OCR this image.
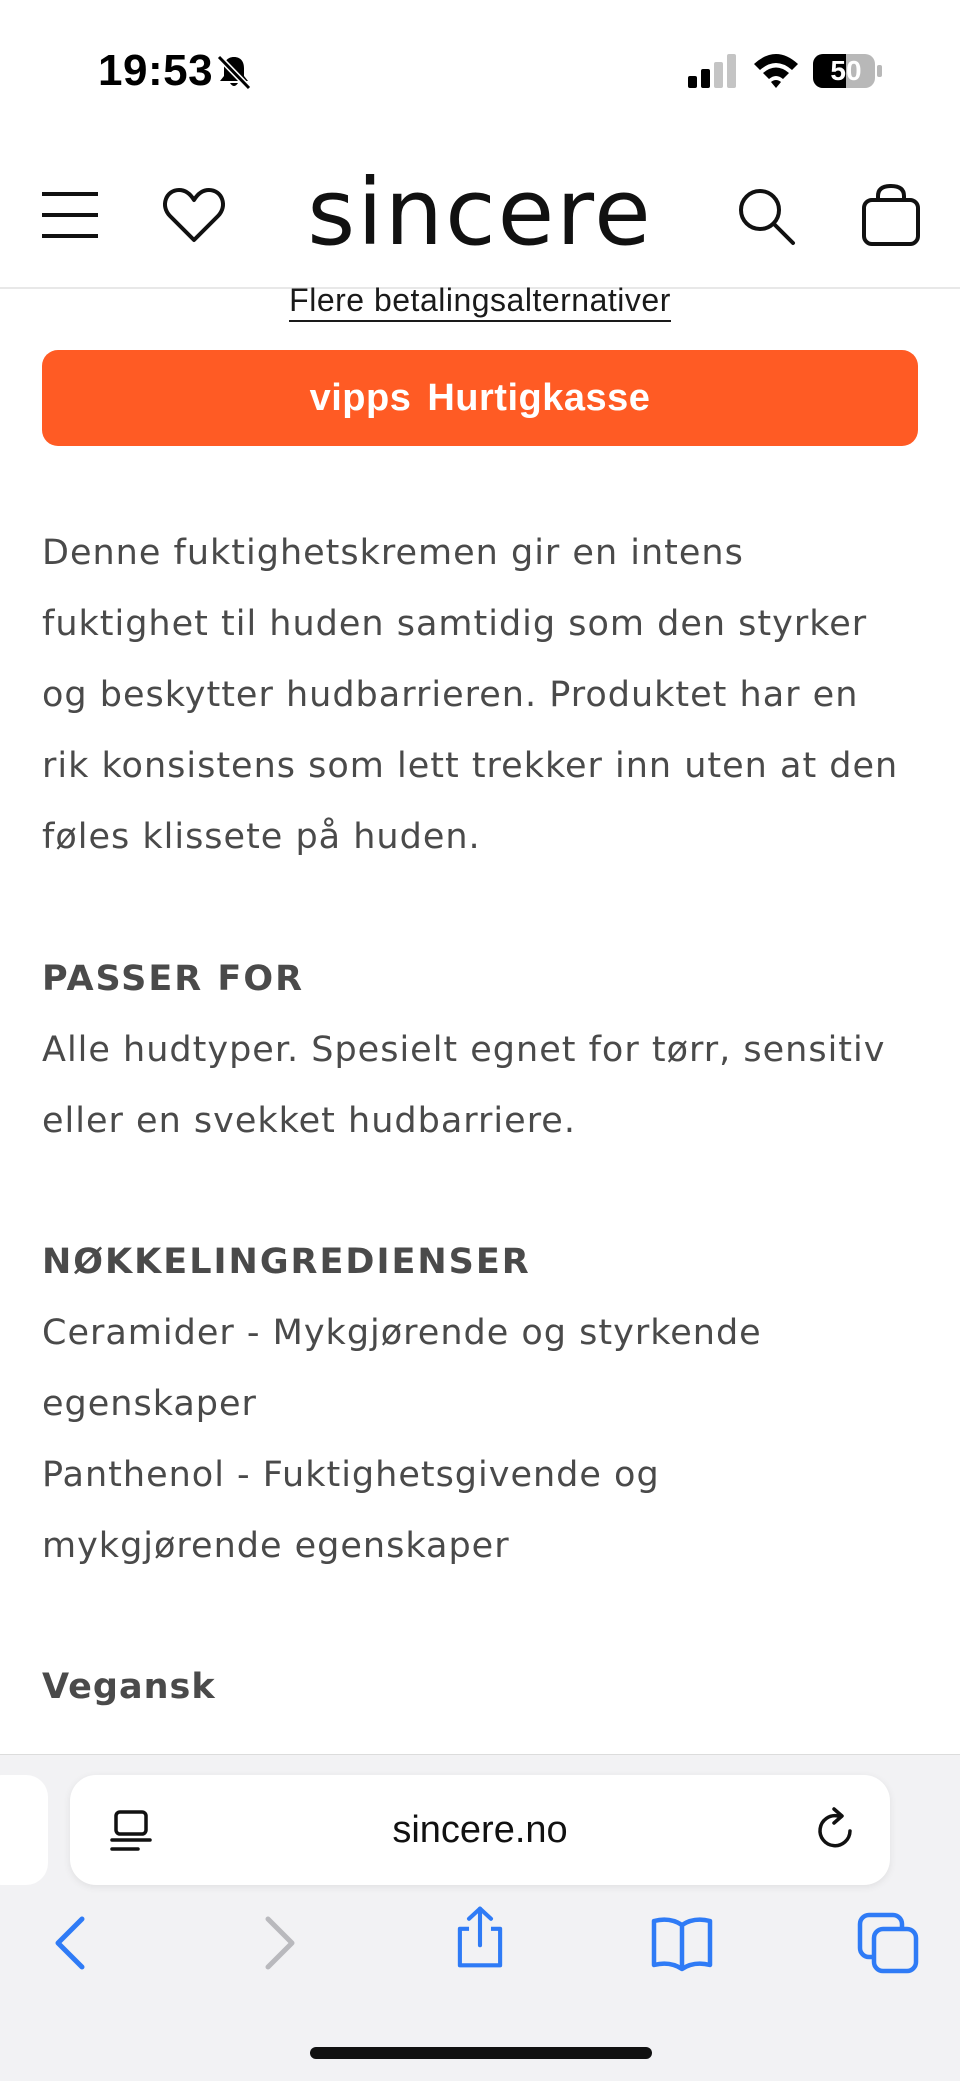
19:53	50
sincere
Flere betalingsalternativer
vipps Hurtigkasse

Denne fuktighetskremen gir en intens
fuktighet til huden samtidig som den styrker
og beskytter hudbarrieren. Produktet har en
rik konsistens som lett trekker inn uten at den
føles klissete på huden.

PASSER FOR

Alle hudtyper. Spesielt egnet for tørr, sensitiv
eller en svekket hudbarriere.

NØKKELINGREDIENSER

Ceramider - Mykgjørende og styrkende
egenskaper
Panthenol - Fuktighetsgivende og
mykgjørende egenskaper

Vegansk
sincere.no
